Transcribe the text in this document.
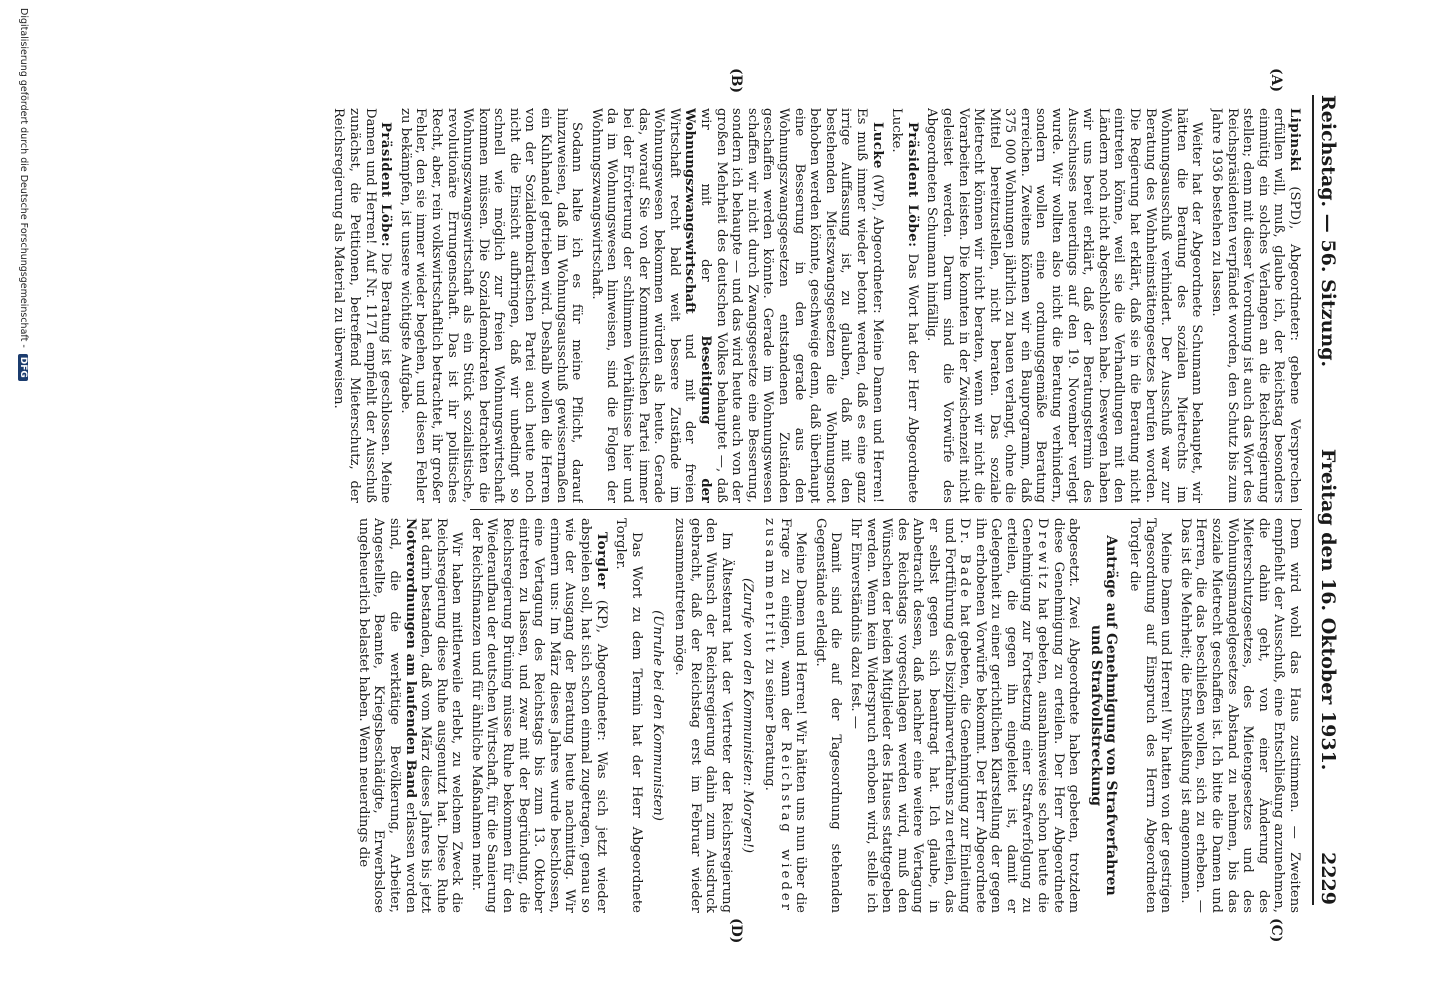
Reichstag. — 56. Sitzung.
Freitag den 16. Oktober 1931.
2229
(A)
(B)
(C)
(D)

Lipinski (SPD), Abgeordneter: gebene Versprechen erfüllen will, muß, glaube ich, der Reichstag besonders einmütig ein solches Verlangen an die Reichsregierung stellen; denn mit dieser Verordnung ist auch das Wort des Reichspräsidenten verpfändet worden, den Schutz bis zum Jahre 1936 bestehen zu lassen.

Weiter hat der Abgeordnete Schumann behauptet, wir hätten die Beratung des sozialen Mietrechts im Wohnungsausschuß verhindert. Der Ausschuß war zur Beratung des Wohnheimstättengesetzes berufen worden. Die Regierung hat erklärt, daß sie in die Beratung nicht eintreten könne, weil sie die Verhandlungen mit den Ländern noch nicht abgeschlossen habe. Deswegen haben wir uns bereit erklärt, daß der Beratungstermin des Ausschusses neuerdings auf den 19. November verlegt wurde. Wir wollten also nicht die Beratung verhindern, sondern wollen eine ordnungsgemäße Beratung erreichen. Zweitens können wir ein Bauprogramm, daß 375 000 Wohnungen jährlich zu bauen verlangt, ohne die Mittel bereitzustellen, nicht beraten. Das soziale Mietrecht können wir nicht beraten, wenn wir nicht die Vorarbeiten leisten. Die konnten in der Zwischenzeit nicht geleistet werden. Darum sind die Vorwürfe des Abgeordneten Schumann hinfällig.

Präsident Löbe: Das Wort hat der Herr Abgeordnete Lucke.

Lucke (WP), Abgeordneter: Meine Damen und Herren! Es muß immer wieder betont werden, daß es eine ganz irrige Auffassung ist, zu glauben, daß mit den bestehenden Mietszwangsgesetzen die Wohnungsnot behoben werden könnte, geschweige denn, daß überhaupt eine Besserung in den gerade aus den Wohnungszwangsgesetzen entstandenen Zuständen geschaffen werden könnte. Gerade im Wohnungswesen schaffen wir nicht durch Zwangsgesetze eine Besserung, sondern ich behaupte — und das wird heute auch von der großen Mehrheit des deutschen Volkes behauptet —, daß wir mit der Beseitigung der Wohnungszwangswirtschaft und mit der freien Wirtschaft recht bald weit bessere Zustände im Wohnungswesen bekommen würden als heute. Gerade das, worauf Sie von der Kommunistischen Partei immer bei der Erörterung der schlimmen Verhältnisse hier und da im Wohnungswesen hinweisen, sind die Folgen der Wohnungszwangswirtschaft.

Sodann halte ich es für meine Pflicht, darauf hinzuweisen, daß im Wohnungsausschuß gewissermaßen ein Kuhhandel getrieben wird. Deshalb wollen die Herren von der Sozialdemokratischen Partei auch heute noch nicht die Einsicht aufbringen, daß wir unbedingt so schnell wie möglich zur freien Wohnungswirtschaft kommen müssen. Die Sozialdemokraten betrachten die Wohnungszwangswirtschaft als ein Stück sozialistische, revolutionäre Errungenschaft. Das ist ihr politisches Recht, aber, rein volkswirtschaftlich betrachtet, ihr großer Fehler, den sie immer wieder begehen, und diesen Fehler zu bekämpfen, ist unsere wichtigste Aufgabe.

Präsident Löbe: Die Beratung ist geschlossen. Meine Damen und Herren! Auf Nr. 1171 empfiehlt der Ausschuß zunächst, die Petitionen, betreffend Mieterschutz, der Reichsregierung als Material zu überweisen.

Dem wird wohl das Haus zustimmen. — Zweitens empfiehlt der Ausschuß, eine Entschließung anzunehmen, die dahin geht, von einer Änderung des Mieterschutzgesetzes, des Mietengesetzes und des Wohnungsmangelgesetzes Abstand zu nehmen, bis das soziale Mietrecht geschaffen ist. Ich bitte die Damen und Herren, die das beschließen wollen, sich zu erheben. — Das ist die Mehrheit; die Entschließung ist angenommen.

Meine Damen und Herren! Wir hatten von der gestrigen Tagesordnung auf Einspruch des Herrn Abgeordneten Torgler die

Anträge auf Genehmigung von Strafverfahren und Strafvollstreckung

abgesetzt. Zwei Abgeordnete haben gebeten, trotzdem diese Genehmigung zu erteilen. Der Herr Abgeordnete Drewitz hat gebeten, ausnahmsweise schon heute die Genehmigung zur Fortsetzung einer Strafverfolgung zu erteilen, die gegen ihn eingeleitet ist, damit er Gelegenheit zu einer gerichtlichen Klarstellung der gegen ihn erhobenen Vorwürfe bekommt. Der Herr Abgeordnete Dr. Bade hat gebeten, die Genehmigung zur Einleitung und Fortführung des Disziplinarverfahrens zu erteilen, das er selbst gegen sich beantragt hat. Ich glaube, in Anbetracht dessen, daß nachher eine weitere Vertagung des Reichstags vorgeschlagen werden wird, muß den Wünschen der beiden Mitglieder des Hauses stattgegeben werden. Wenn kein Widerspruch erhoben wird, stelle ich Ihr Einverständnis dazu fest. —

Damit sind die auf der Tagesordnung stehenden Gegenstände erledigt.

Meine Damen und Herren! Wir hätten uns nun über die Frage zu einigen, wann der Reichstag wieder zusammentritt zu seiner Beratung.

(Zurufe von den Kommunisten: Morgen!)

Im Ältestenrat hat der Vertreter der Reichsregierung den Wunsch der Reichsregierung dahin zum Ausdruck gebracht, daß der Reichstag erst im Februar wieder zusammentreten möge.

(Unruhe bei den Kommunisten)

Das Wort zu dem Termin hat der Herr Abgeordnete Torgler.

Torgler (KP), Abgeordneter: Was sich jetzt wieder abspielen soll, hat sich schon einmal zugetragen, genau so wie der Ausgang der Beratung heute nachmittag. Wir erinnern uns: Im März dieses Jahres wurde beschlossen, eine Vertagung des Reichstags bis zum 13. Oktober eintreten zu lassen, und zwar mit der Begründung, die Reichsregierung Brüning müsse Ruhe bekommen für den Wiederaufbau der deutschen Wirtschaft, für die Sanierung der Reichsfinanzen und für ähnliche Maßnahmen mehr.

Wir haben mittlerweile erlebt, zu welchem Zweck die Reichsregierung diese Ruhe ausgenutzt hat. Diese Ruhe hat darin bestanden, daß vom März dieses Jahres bis jetzt Notverordnungen am laufenden Band erlassen worden sind, die die werktätige Bevölkerung, Arbeiter, Angestellte, Beamte, Kriegsbeschädigte, Erwerbslose ungeheuerlich belastet haben. Wenn neuerdings die

Digitalisierung gefördert durch die Deutsche Forschungsgemeinschaft -DFG
